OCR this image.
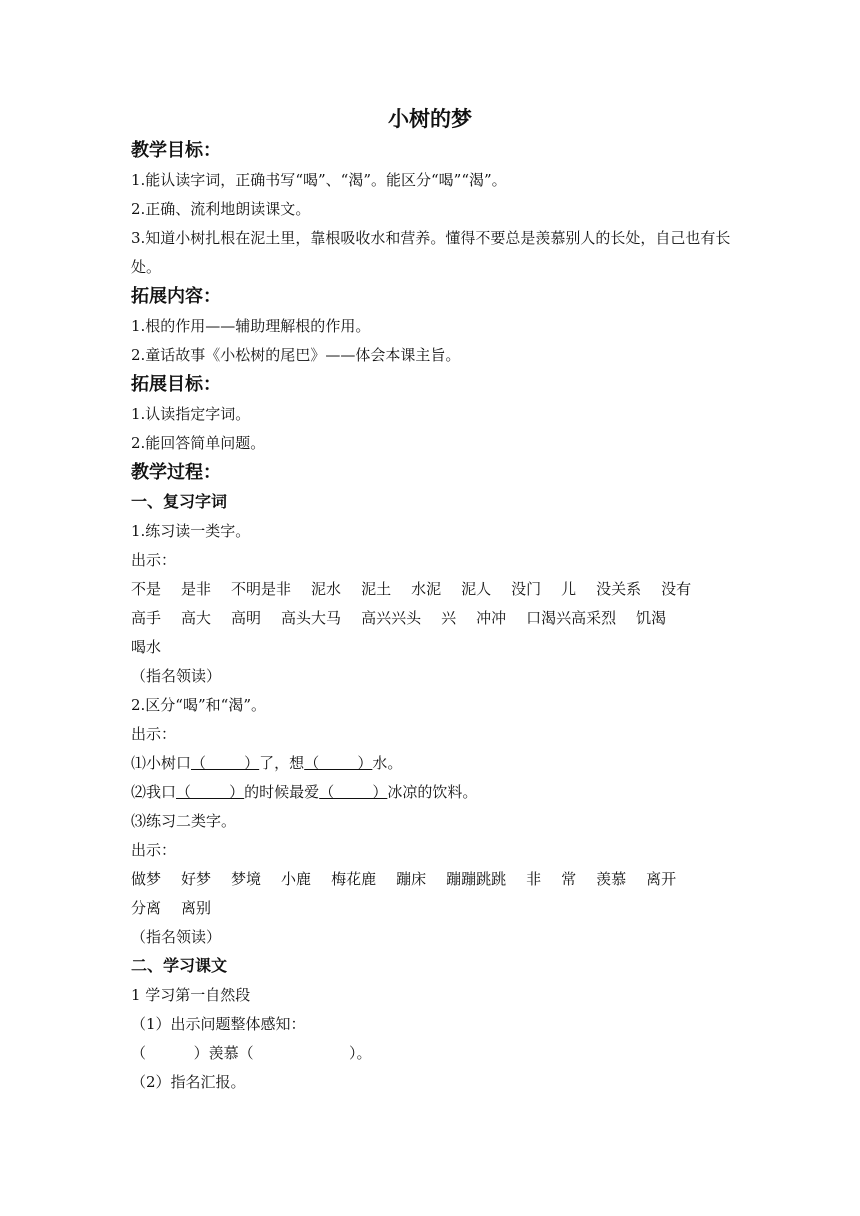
小树的梦
教学目标：
1.能认读字词，正确书写“喝”、“渴”。能区分“喝”“渴”。
2.正确、流利地朗读课文。
3.知道小树扎根在泥土里，靠根吸收水和营养。懂得不要总是羡慕别人的长处，自己也有长处。
拓展内容：
1.根的作用——辅助理解根的作用。
2.童话故事《小松树的尾巴》——体会本课主旨。
拓展目标：
1.认读指定字词。
2.能回答简单问题。
教学过程：
一、复习字词
1.练习读一类字。
出示：
不是 是非 不明是非 泥水 泥土 水泥 泥人 没门 儿 没关系 没有
高手 高大 高明 高头大马 高兴兴头 兴 冲冲 口渴兴高采烈 饥渴
喝水
（指名领读）
2.区分“喝”和“渴”。
出示：
⑴小树口（        ）了，想（        ）水。
⑵我口（        ）的时候最爱（        ）冰凉的饮料。
⑶练习二类字。
出示：
做梦 好梦 梦境 小鹿 梅花鹿 蹦床 蹦蹦跳跳 非 常 羡慕 离开
分离 离别
（指名领读）
二、学习课文
1 学习第一自然段
（1）出示问题整体感知：
（          ）羡慕（                    ）。
（2）指名汇报。
